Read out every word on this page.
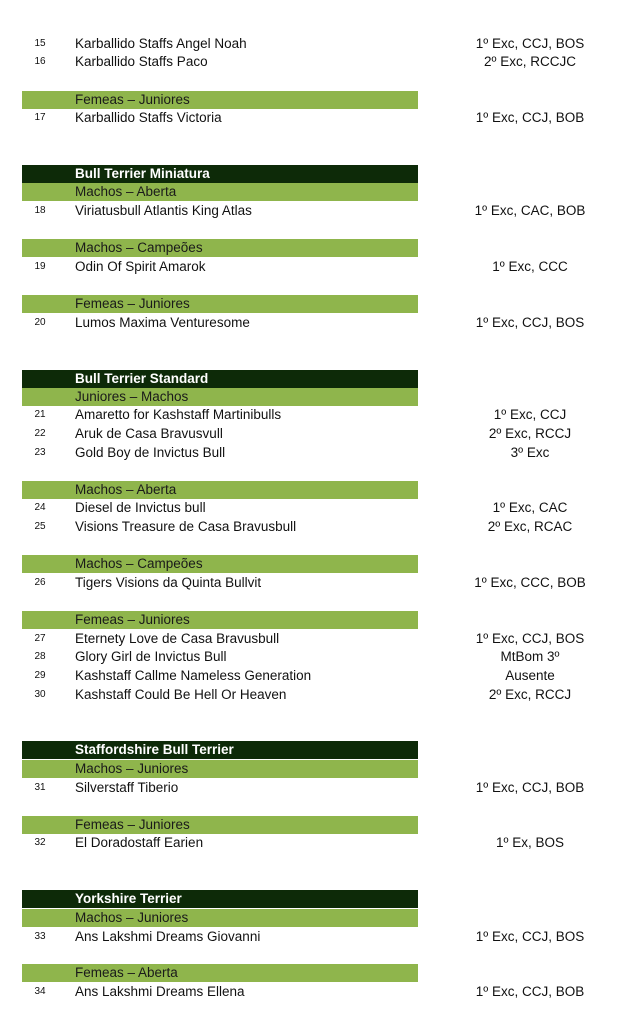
15	Karballido Staffs Angel Noah	1º Exc, CCJ, BOS
16	Karballido Staffs Paco	2º Exc, RCCJC
Femeas – Juniores
17	Karballido Staffs Victoria	1º Exc, CCJ, BOB
Bull Terrier Miniatura
Machos – Aberta
18	Viriatusbull Atlantis King Atlas	1º Exc, CAC, BOB
Machos – Campeões
19	Odin Of Spirit Amarok	1º Exc, CCC
Femeas – Juniores
20	Lumos Maxima Venturesome	1º Exc, CCJ, BOS
Bull Terrier Standard
Juniores – Machos
21	Amaretto for Kashstaff Martinibulls	1º Exc, CCJ
22	Aruk de Casa Bravusvull	2º Exc, RCCJ
23	Gold Boy de Invictus Bull	3º Exc
Machos – Aberta
24	Diesel de Invictus bull	1º Exc, CAC
25	Visions Treasure de Casa Bravusbull	2º Exc, RCAC
Machos – Campeões
26	Tigers Visions da Quinta Bullvit	1º Exc, CCC, BOB
Femeas – Juniores
27	Eternety Love de Casa Bravusbull	1º Exc, CCJ, BOS
28	Glory Girl de Invictus Bull	MtBom 3º
29	Kashstaff Callme Nameless Generation	Ausente
30	Kashstaff Could Be Hell Or Heaven	2º Exc, RCCJ
Staffordshire Bull Terrier
Machos – Juniores
31	Silverstaff Tiberio	1º Exc, CCJ, BOB
Femeas – Juniores
32	El Doradostaff Earien	1º Ex, BOS
Yorkshire Terrier
Machos – Juniores
33	Ans Lakshmi Dreams Giovanni	1º Exc, CCJ, BOS
Femeas – Aberta
34	Ans Lakshmi Dreams Ellena	1º Exc, CCJ, BOB
